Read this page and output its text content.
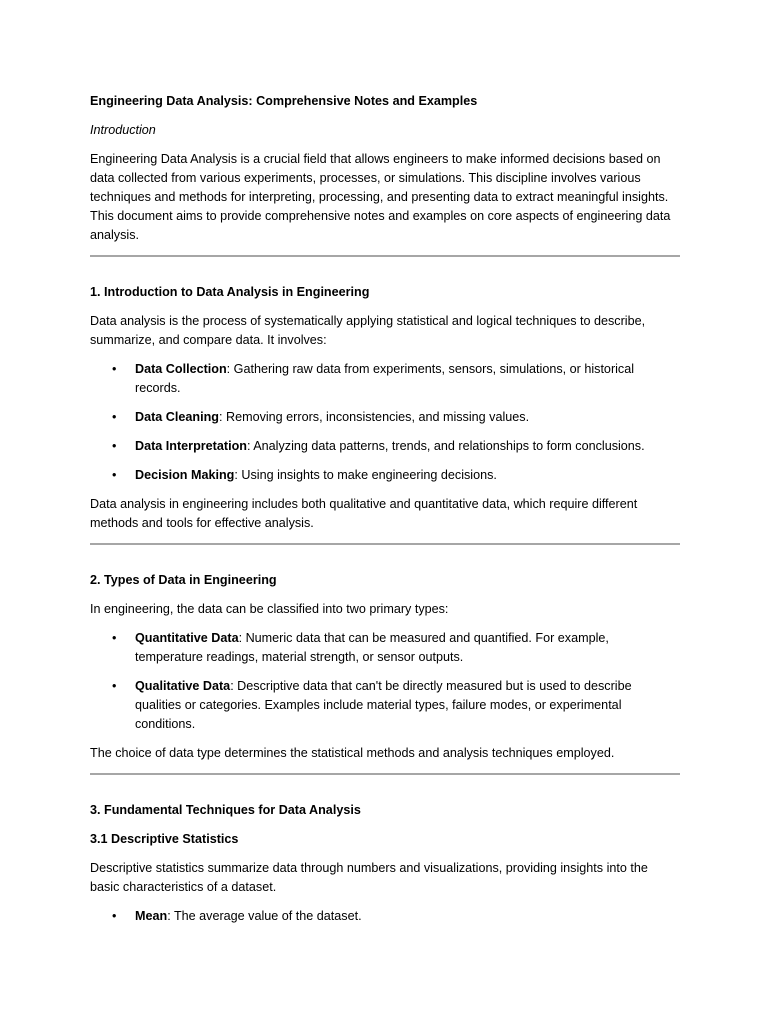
Engineering Data Analysis: Comprehensive Notes and Examples

Introduction

Engineering Data Analysis is a crucial field that allows engineers to make informed decisions based on data collected from various experiments, processes, or simulations. This discipline involves various techniques and methods for interpreting, processing, and presenting data to extract meaningful insights. This document aims to provide comprehensive notes and examples on core aspects of engineering data analysis.

1. Introduction to Data Analysis in Engineering

Data analysis is the process of systematically applying statistical and logical techniques to describe, summarize, and compare data. It involves:

• Data Collection: Gathering raw data from experiments, sensors, simulations, or historical records.
• Data Cleaning: Removing errors, inconsistencies, and missing values.
• Data Interpretation: Analyzing data patterns, trends, and relationships to form conclusions.
• Decision Making: Using insights to make engineering decisions.

Data analysis in engineering includes both qualitative and quantitative data, which require different methods and tools for effective analysis.

2. Types of Data in Engineering

In engineering, the data can be classified into two primary types:

• Quantitative Data: Numeric data that can be measured and quantified. For example, temperature readings, material strength, or sensor outputs.
• Qualitative Data: Descriptive data that can't be directly measured but is used to describe qualities or categories. Examples include material types, failure modes, or experimental conditions.

The choice of data type determines the statistical methods and analysis techniques employed.

3. Fundamental Techniques for Data Analysis

3.1 Descriptive Statistics

Descriptive statistics summarize data through numbers and visualizations, providing insights into the basic characteristics of a dataset.

• Mean: The average value of the dataset.
